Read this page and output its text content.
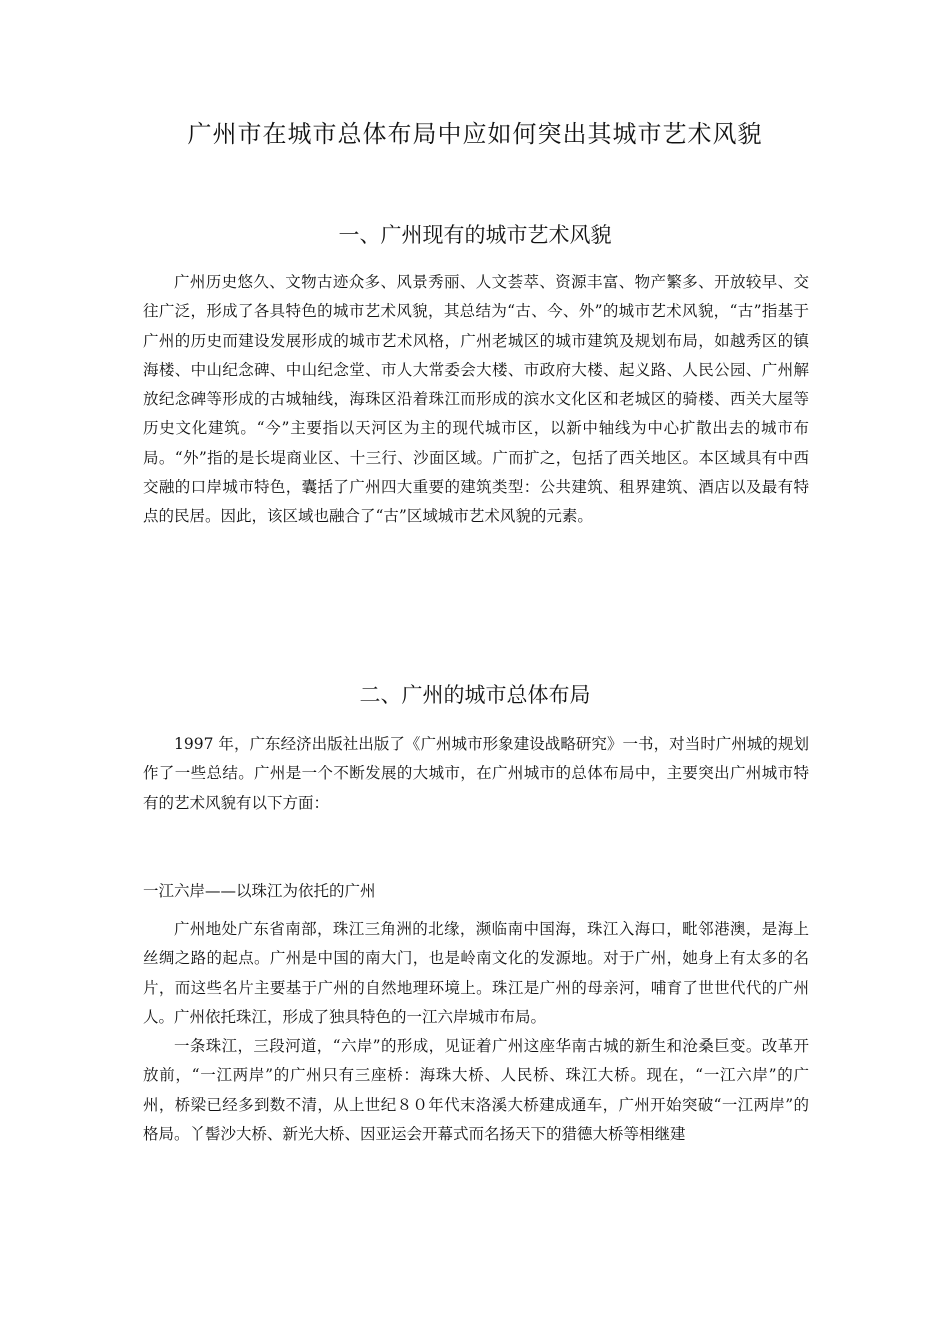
广州市在城市总体布局中应如何突出其城市艺术风貌
一、广州现有的城市艺术风貌

广州历史悠久、文物古迹众多、风景秀丽、人文荟萃、资源丰富、物产繁多、开放较早、交往广泛，形成了各具特色的城市艺术风貌，其总结为“古、今、外”的城市艺术风貌，“古”指基于广州的历史而建设发展形成的城市艺术风格，广州老城区的城市建筑及规划布局，如越秀区的镇海楼、中山纪念碑、中山纪念堂、市人大常委会大楼、市政府大楼、起义路、人民公园、广州解放纪念碑等形成的古城轴线，海珠区沿着珠江而形成的滨水文化区和老城区的骑楼、西关大屋等历史文化建筑。“今”主要指以天河区为主的现代城市区，以新中轴线为中心扩散出去的城市布局。“外”指的是长堤商业区、十三行、沙面区域。广而扩之，包括了西关地区。本区域具有中西交融的口岸城市特色，囊括了广州四大重要的建筑类型：公共建筑、租界建筑、酒店以及最有特点的民居。因此，该区域也融合了“古”区域城市艺术风貌的元素。

二、广州的城市总体布局

1997 年，广东经济出版社出版了《广州城市形象建设战略研究》一书，对当时广州城的规划作了一些总结。广州是一个不断发展的大城市，在广州城市的总体布局中，主要突出广州城市特有的艺术风貌有以下方面：

一江六岸——以珠江为依托的广州

广州地处广东省南部，珠江三角洲的北缘，濒临南中国海，珠江入海口，毗邻港澳，是海上丝绸之路的起点。广州是中国的南大门，也是岭南文化的发源地。对于广州，她身上有太多的名片，而这些名片主要基于广州的自然地理环境上。珠江是广州的母亲河，哺育了世世代代的广州人。广州依托珠江，形成了独具特色的一江六岸城市布局。

一条珠江，三段河道，“六岸”的形成，见证着广州这座华南古城的新生和沧桑巨变。改革开放前，“一江两岸”的广州只有三座桥：海珠大桥、人民桥、珠江大桥。现在，“一江六岸”的广州，桥梁已经多到数不清，从上世纪８０年代末洛溪大桥建成通车，广州开始突破“一江两岸”的格局。丫髻沙大桥、新光大桥、因亚运会开幕式而名扬天下的猎德大桥等相继建
